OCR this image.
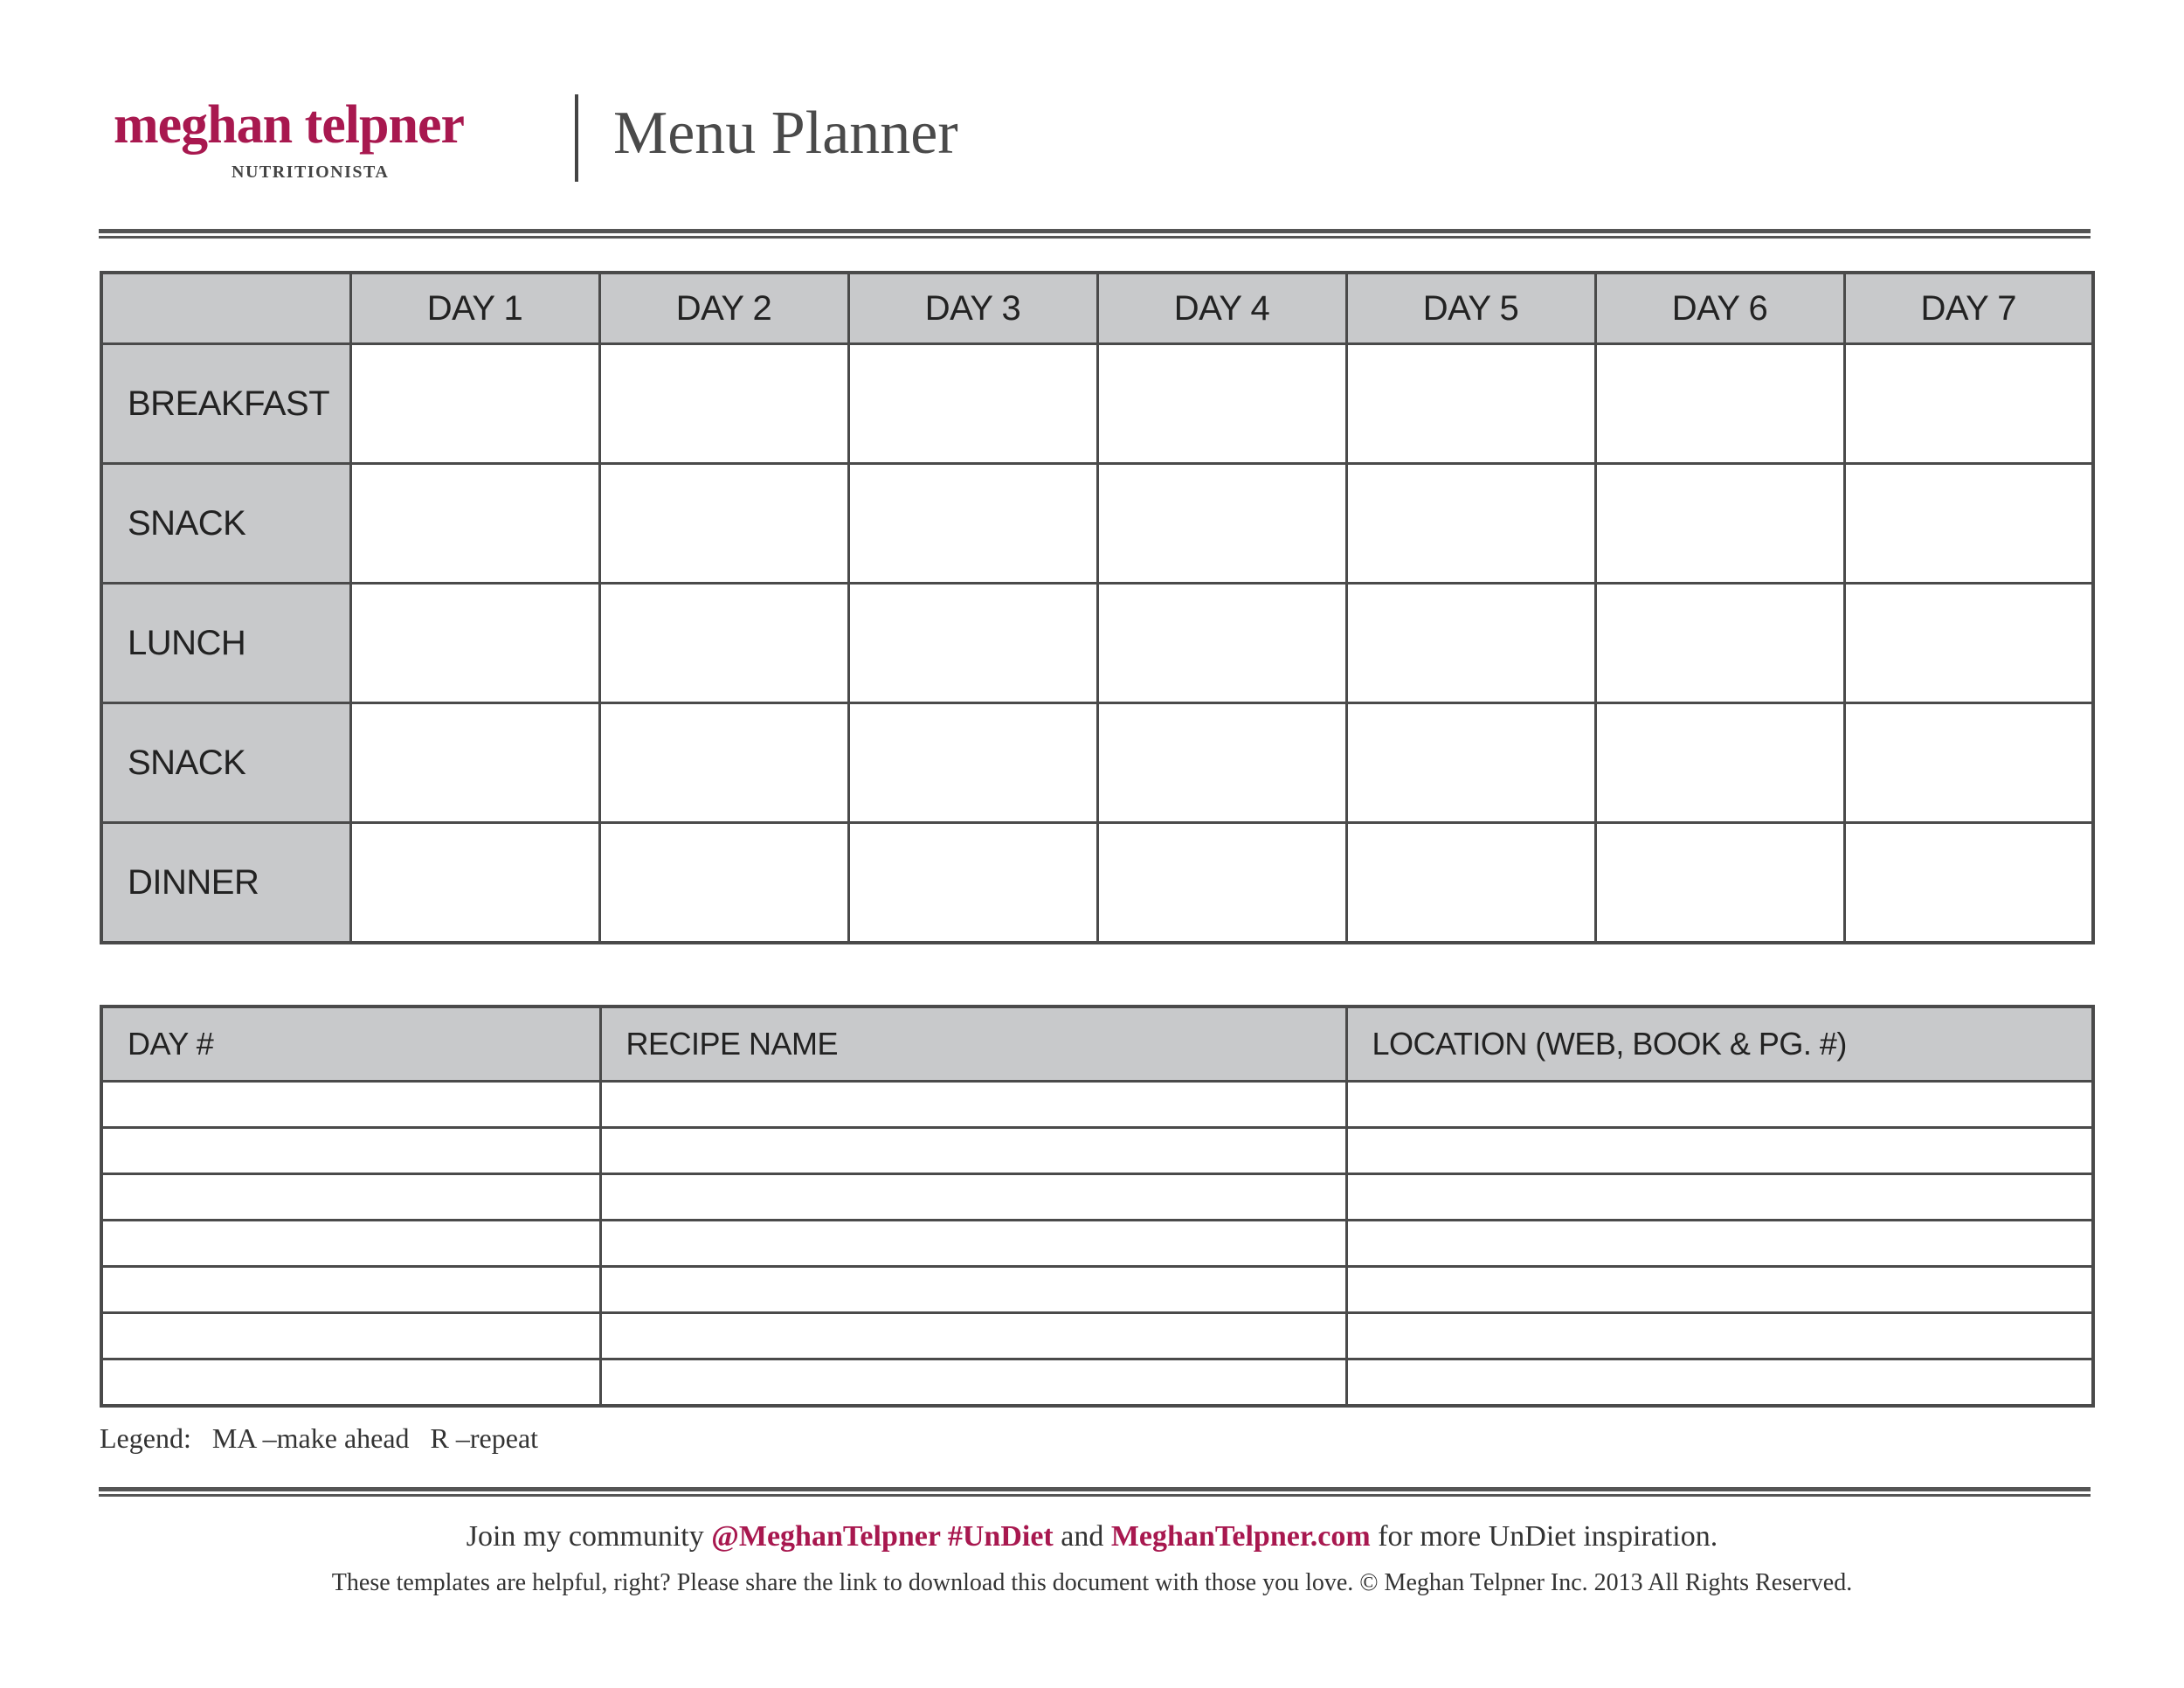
meghan telpner
NUTRITIONISTA
Menu Planner
	DAY 1	DAY 2	DAY 3	DAY 4	DAY 5	DAY 6	DAY 7
BREAKFAST							
SNACK							
LUNCH							
SNACK							
DINNER							
DAY #	RECIPE NAME	LOCATION (WEB, BOOK & PG. #)

Legend: MA –make ahead R –repeat
Join my community @MeghanTelpner #UnDiet and MeghanTelpner.com for more UnDiet inspiration.
These templates are helpful, right? Please share the link to download this document with those you love. © Meghan Telpner Inc. 2013 All Rights Reserved.
